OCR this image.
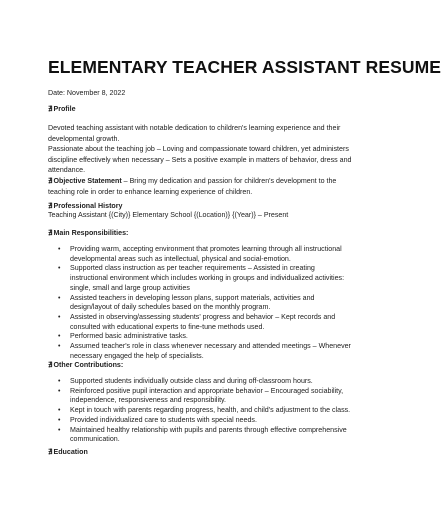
ELEMENTARY TEACHER ASSISTANT RESUME
Date: November 8, 2022
∄Profile
Devoted teaching assistant with notable dedication to children's learning experience and their developmental growth.
Passionate about the teaching job – Loving and compassionate toward children, yet administers discipline effectively when necessary – Sets a positive example in matters of behavior, dress and attendance.
∄Objective Statement – Bring my dedication and passion for children's development to the teaching role in order to enhance learning experience of children.
∄Professional History
Teaching Assistant {(City)} Elementary School {(Location)} {(Year)} – Present
∄Main Responsibilities:
• Providing warm, accepting environment that promotes learning through all instructional developmental areas such as intellectual, physical and social-emotion.
• Supported class instruction as per teacher requirements – Assisted in creating instructional environment which includes working in groups and individualized activities: single, small and large group activities
• Assisted teachers in developing lesson plans, support materials, activities and design/layout of daily schedules based on the monthly program.
• Assisted in observing/assessing students' progress and behavior – Kept records and consulted with educational experts to fine-tune methods used.
• Performed basic administrative tasks.
• Assumed teacher's role in class whenever necessary and attended meetings – Whenever necessary engaged the help of specialists.
∄Other Contributions:
• Supported students individually outside class and during off-classroom hours.
• Reinforced positive pupil interaction and appropriate behavior – Encouraged sociability, independence, responsiveness and responsibility.
• Kept in touch with parents regarding progress, health, and child's adjustment to the class.
• Provided individualized care to students with special needs.
• Maintained healthy relationship with pupils and parents through effective comprehensive communication.
∄Education
